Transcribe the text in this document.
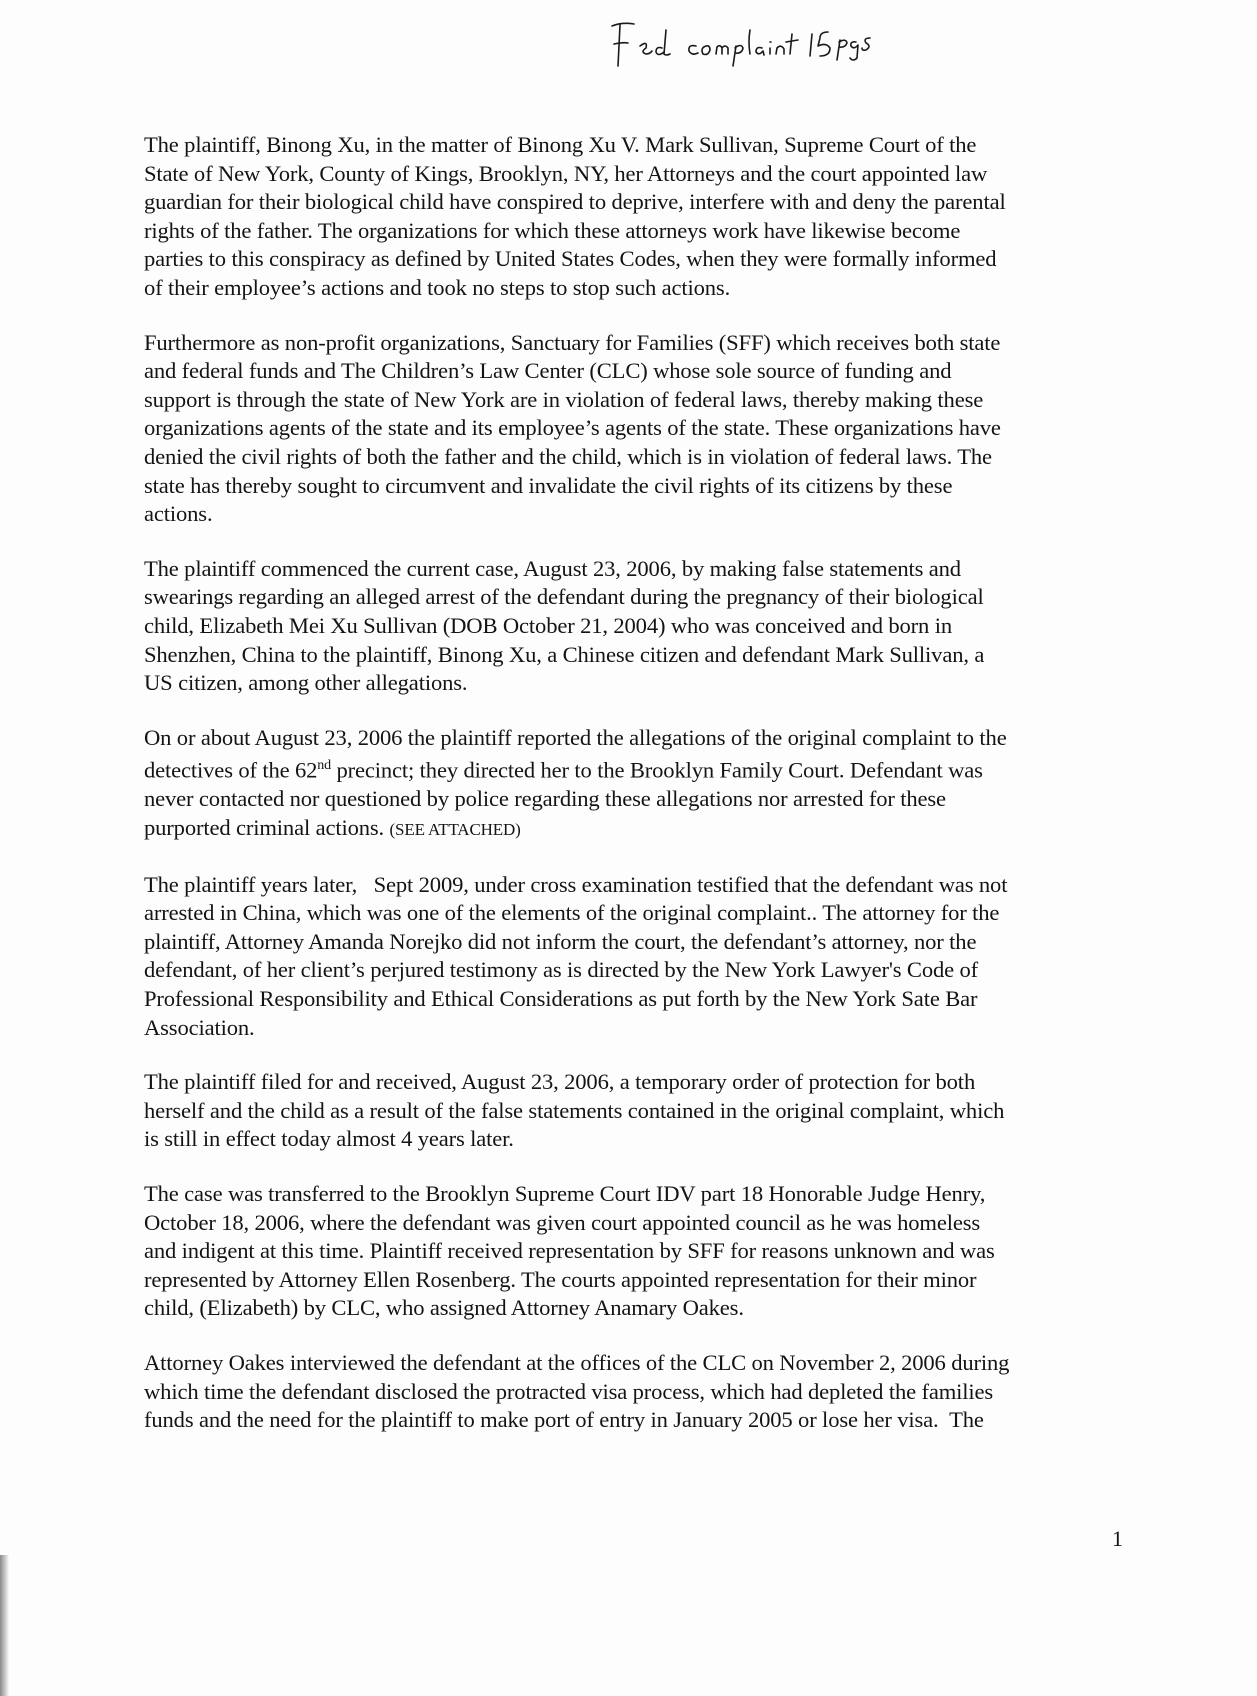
The plaintiff, Binong Xu, in the matter of Binong Xu V. Mark Sullivan, Supreme Court of the
State of New York, County of Kings, Brooklyn, NY, her Attorneys and the court appointed law
guardian for their biological child have conspired to deprive, interfere with and deny the parental
rights of the father. The organizations for which these attorneys work have likewise become
parties to this conspiracy as defined by United States Codes, when they were formally informed
of their employee’s actions and took no steps to stop such actions.

Furthermore as non-profit organizations, Sanctuary for Families (SFF) which receives both state
and federal funds and The Children’s Law Center (CLC) whose sole source of funding and
support is through the state of New York are in violation of federal laws, thereby making these
organizations agents of the state and its employee’s agents of the state. These organizations have
denied the civil rights of both the father and the child, which is in violation of federal laws. The
state has thereby sought to circumvent and invalidate the civil rights of its citizens by these
actions.

The plaintiff commenced the current case, August 23, 2006, by making false statements and
swearings regarding an alleged arrest of the defendant during the pregnancy of their biological
child, Elizabeth Mei Xu Sullivan (DOB October 21, 2004) who was conceived and born in
Shenzhen, China to the plaintiff, Binong Xu, a Chinese citizen and defendant Mark Sullivan, a
US citizen, among other allegations.

On or about August 23, 2006 the plaintiff reported the allegations of the original complaint to the
detectives of the 62nd precinct; they directed her to the Brooklyn Family Court. Defendant was
never contacted nor questioned by police regarding these allegations nor arrested for these
purported criminal actions. (SEE ATTACHED)

The plaintiff years later,   Sept 2009, under cross examination testified that the defendant was not
arrested in China, which was one of the elements of the original complaint.. The attorney for the
plaintiff, Attorney Amanda Norejko did not inform the court, the defendant’s attorney, nor the
defendant, of her client’s perjured testimony as is directed by the New York Lawyer's Code of
Professional Responsibility and Ethical Considerations as put forth by the New York Sate Bar
Association.

The plaintiff filed for and received, August 23, 2006, a temporary order of protection for both
herself and the child as a result of the false statements contained in the original complaint, which
is still in effect today almost 4 years later.

The case was transferred to the Brooklyn Supreme Court IDV part 18 Honorable Judge Henry,
October 18, 2006, where the defendant was given court appointed council as he was homeless
and indigent at this time. Plaintiff received representation by SFF for reasons unknown and was
represented by Attorney Ellen Rosenberg. The courts appointed representation for their minor
child, (Elizabeth) by CLC, who assigned Attorney Anamary Oakes.

Attorney Oakes interviewed the defendant at the offices of the CLC on November 2, 2006 during
which time the defendant disclosed the protracted visa process, which had depleted the families
funds and the need for the plaintiff to make port of entry in January 2005 or lose her visa.  The

1
